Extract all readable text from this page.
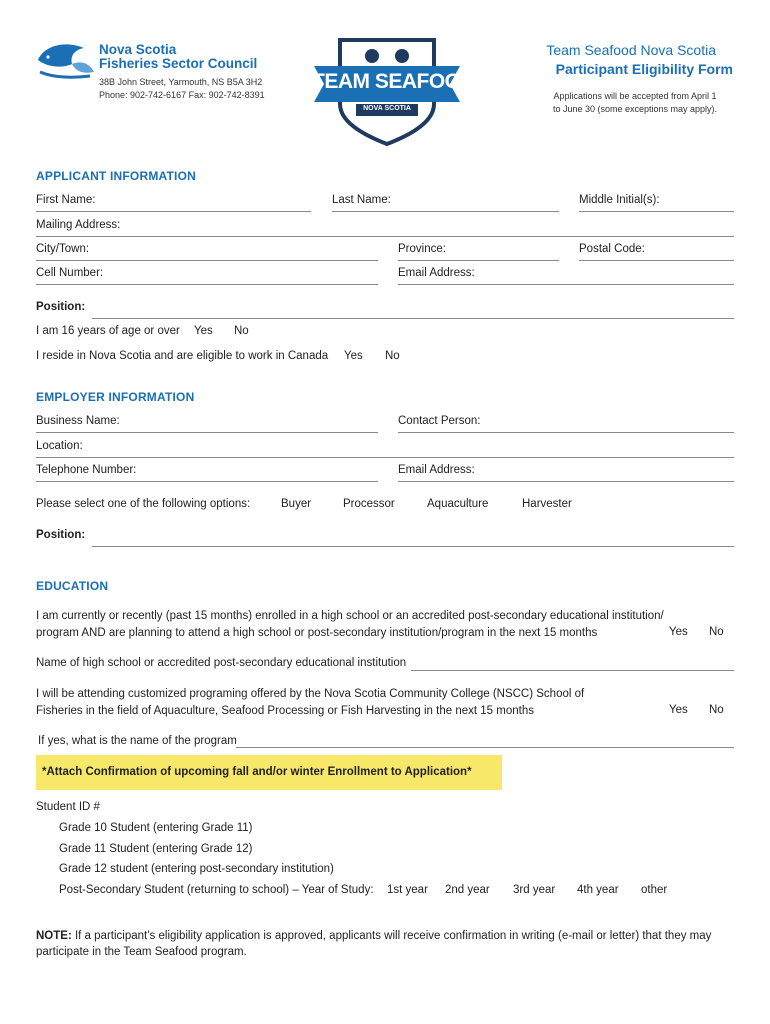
Nova Scotia
Fisheries Sector Council
38B John Street, Yarmouth, NS B5A 3H2
Phone: 902-742-6167 Fax: 902-742-8391
TEAM SEAFOOD
NOVA SCOTIA
Team Seafood Nova Scotia
Participant Eligibility Form
Applications will be accepted from April 1
to June 30 (some exceptions may apply).
APPLICANT INFORMATION
First Name:	Last Name:	Middle Initial(s):
Mailing Address:
City/Town:	Province:	Postal Code:
Cell Number:	Email Address:
Position:
I am 16 years of age or over Yes No
I reside in Nova Scotia and are eligible to work in Canada Yes No
EMPLOYER INFORMATION
Business Name:	Contact Person:
Location:
Telephone Number:	Email Address:
Please select one of the following options:	Buyer	Processor	Aquaculture	Harvester
Position:
EDUCATION
I am currently or recently (past 15 months) enrolled in a high school or an accredited post-secondary educational institution/
program AND are planning to attend a high school or post-secondary institution/program in the next 15 months	Yes No
Name of high school or accredited post-secondary educational institution
I will be attending customized programing offered by the Nova Scotia Community College (NSCC) School of
Fisheries in the field of Aquaculture, Seafood Processing or Fish Harvesting in the next 15 months	Yes No
If yes, what is the name of the program
*Attach Confirmation of upcoming fall and/or winter Enrollment to Application*
Student ID #
Grade 10 Student (entering Grade 11)
Grade 11 Student (entering Grade 12)
Grade 12 student (entering post-secondary institution)
Post-Secondary Student (returning to school) – Year of Study: 1st year 2nd year 3rd year 4th year other
NOTE: If a participant’s eligibility application is approved, applicants will receive confirmation in writing (e-mail or letter) that they may
participate in the Team Seafood program.
